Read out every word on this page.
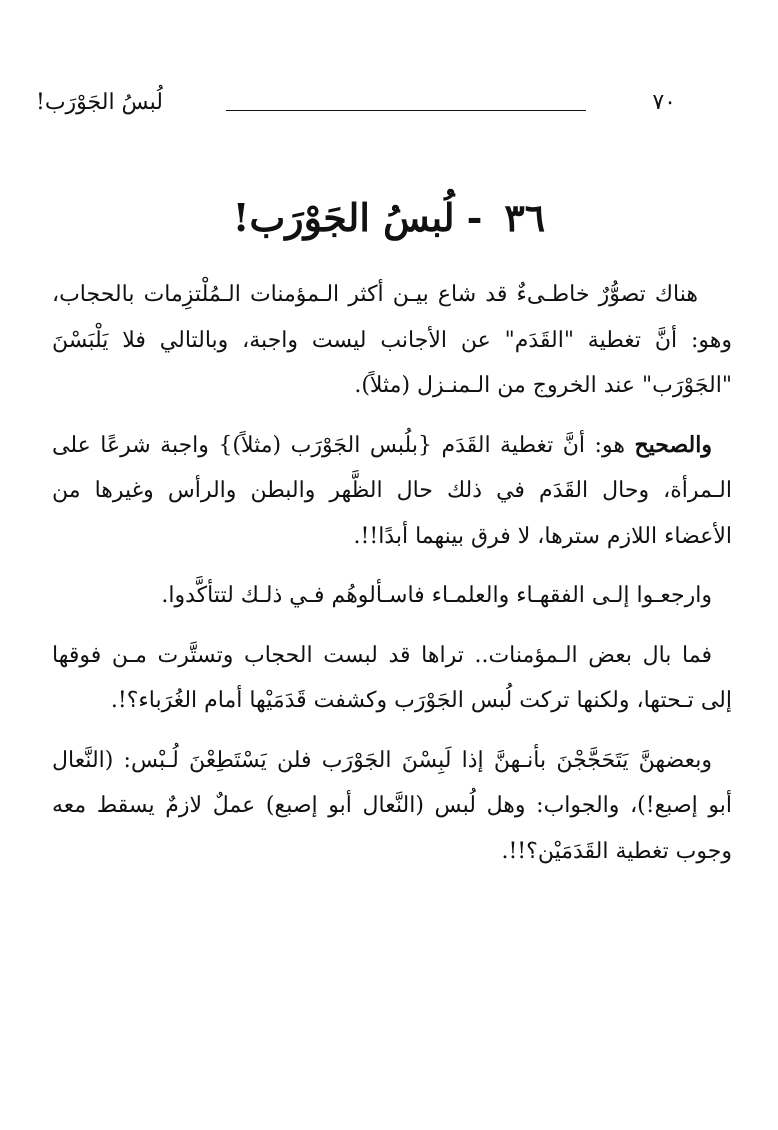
٧٠
لُبسُ الجَوْرَب!
٣٦-لُبسُ الجَوْرَب!

هناك تصوُّرٌ خاطـىءٌ قد شاع بيـن أكثر الـمؤمنات الـمُلْتزِمات بالحجاب، وهو: أنَّ تغطية "القَدَم" عن الأجانب ليست واجبة، وبالتالي فلا يَلْبَسْنَ "الجَوْرَب" عند الخروج من الـمنـزل (مثلاً).

والصحيح هو: أنَّ تغطية القَدَم {بلُبس الجَوْرَب (مثلاً)} واجبة شرعًا على الـمرأة، وحال القَدَم في ذلك حال الظَّهر والبطن والرأس وغيرها من الأعضاء اللازم سترها، لا فرق بينهما أبدًا!!.

وارجعـوا إلـى الفقهـاء والعلمـاء فاسـألوهُم فـي ذلـك لتتأكَّدوا.

فما بال بعض الـمؤمنات.. تراها قد لبست الحجاب وتستَّرت مـن فوقها إلى تـحتها، ولكنها تركت لُبس الجَوْرَب وكشفت قَدَمَيْها أمام الغُرَباء؟!.

وبعضهنَّ يَتَحَجَّجْنَ بأنـهنَّ إذا لَبِسْنَ الجَوْرَب فلن يَسْتَطِعْنَ لُـبْس: (النَّعال أبو إصبع!)، والجواب: وهل لُبس (النَّعال أبو إصبع) عملٌ لازمٌ يسقط معه وجوب تغطية القَدَمَيْن؟!!.
